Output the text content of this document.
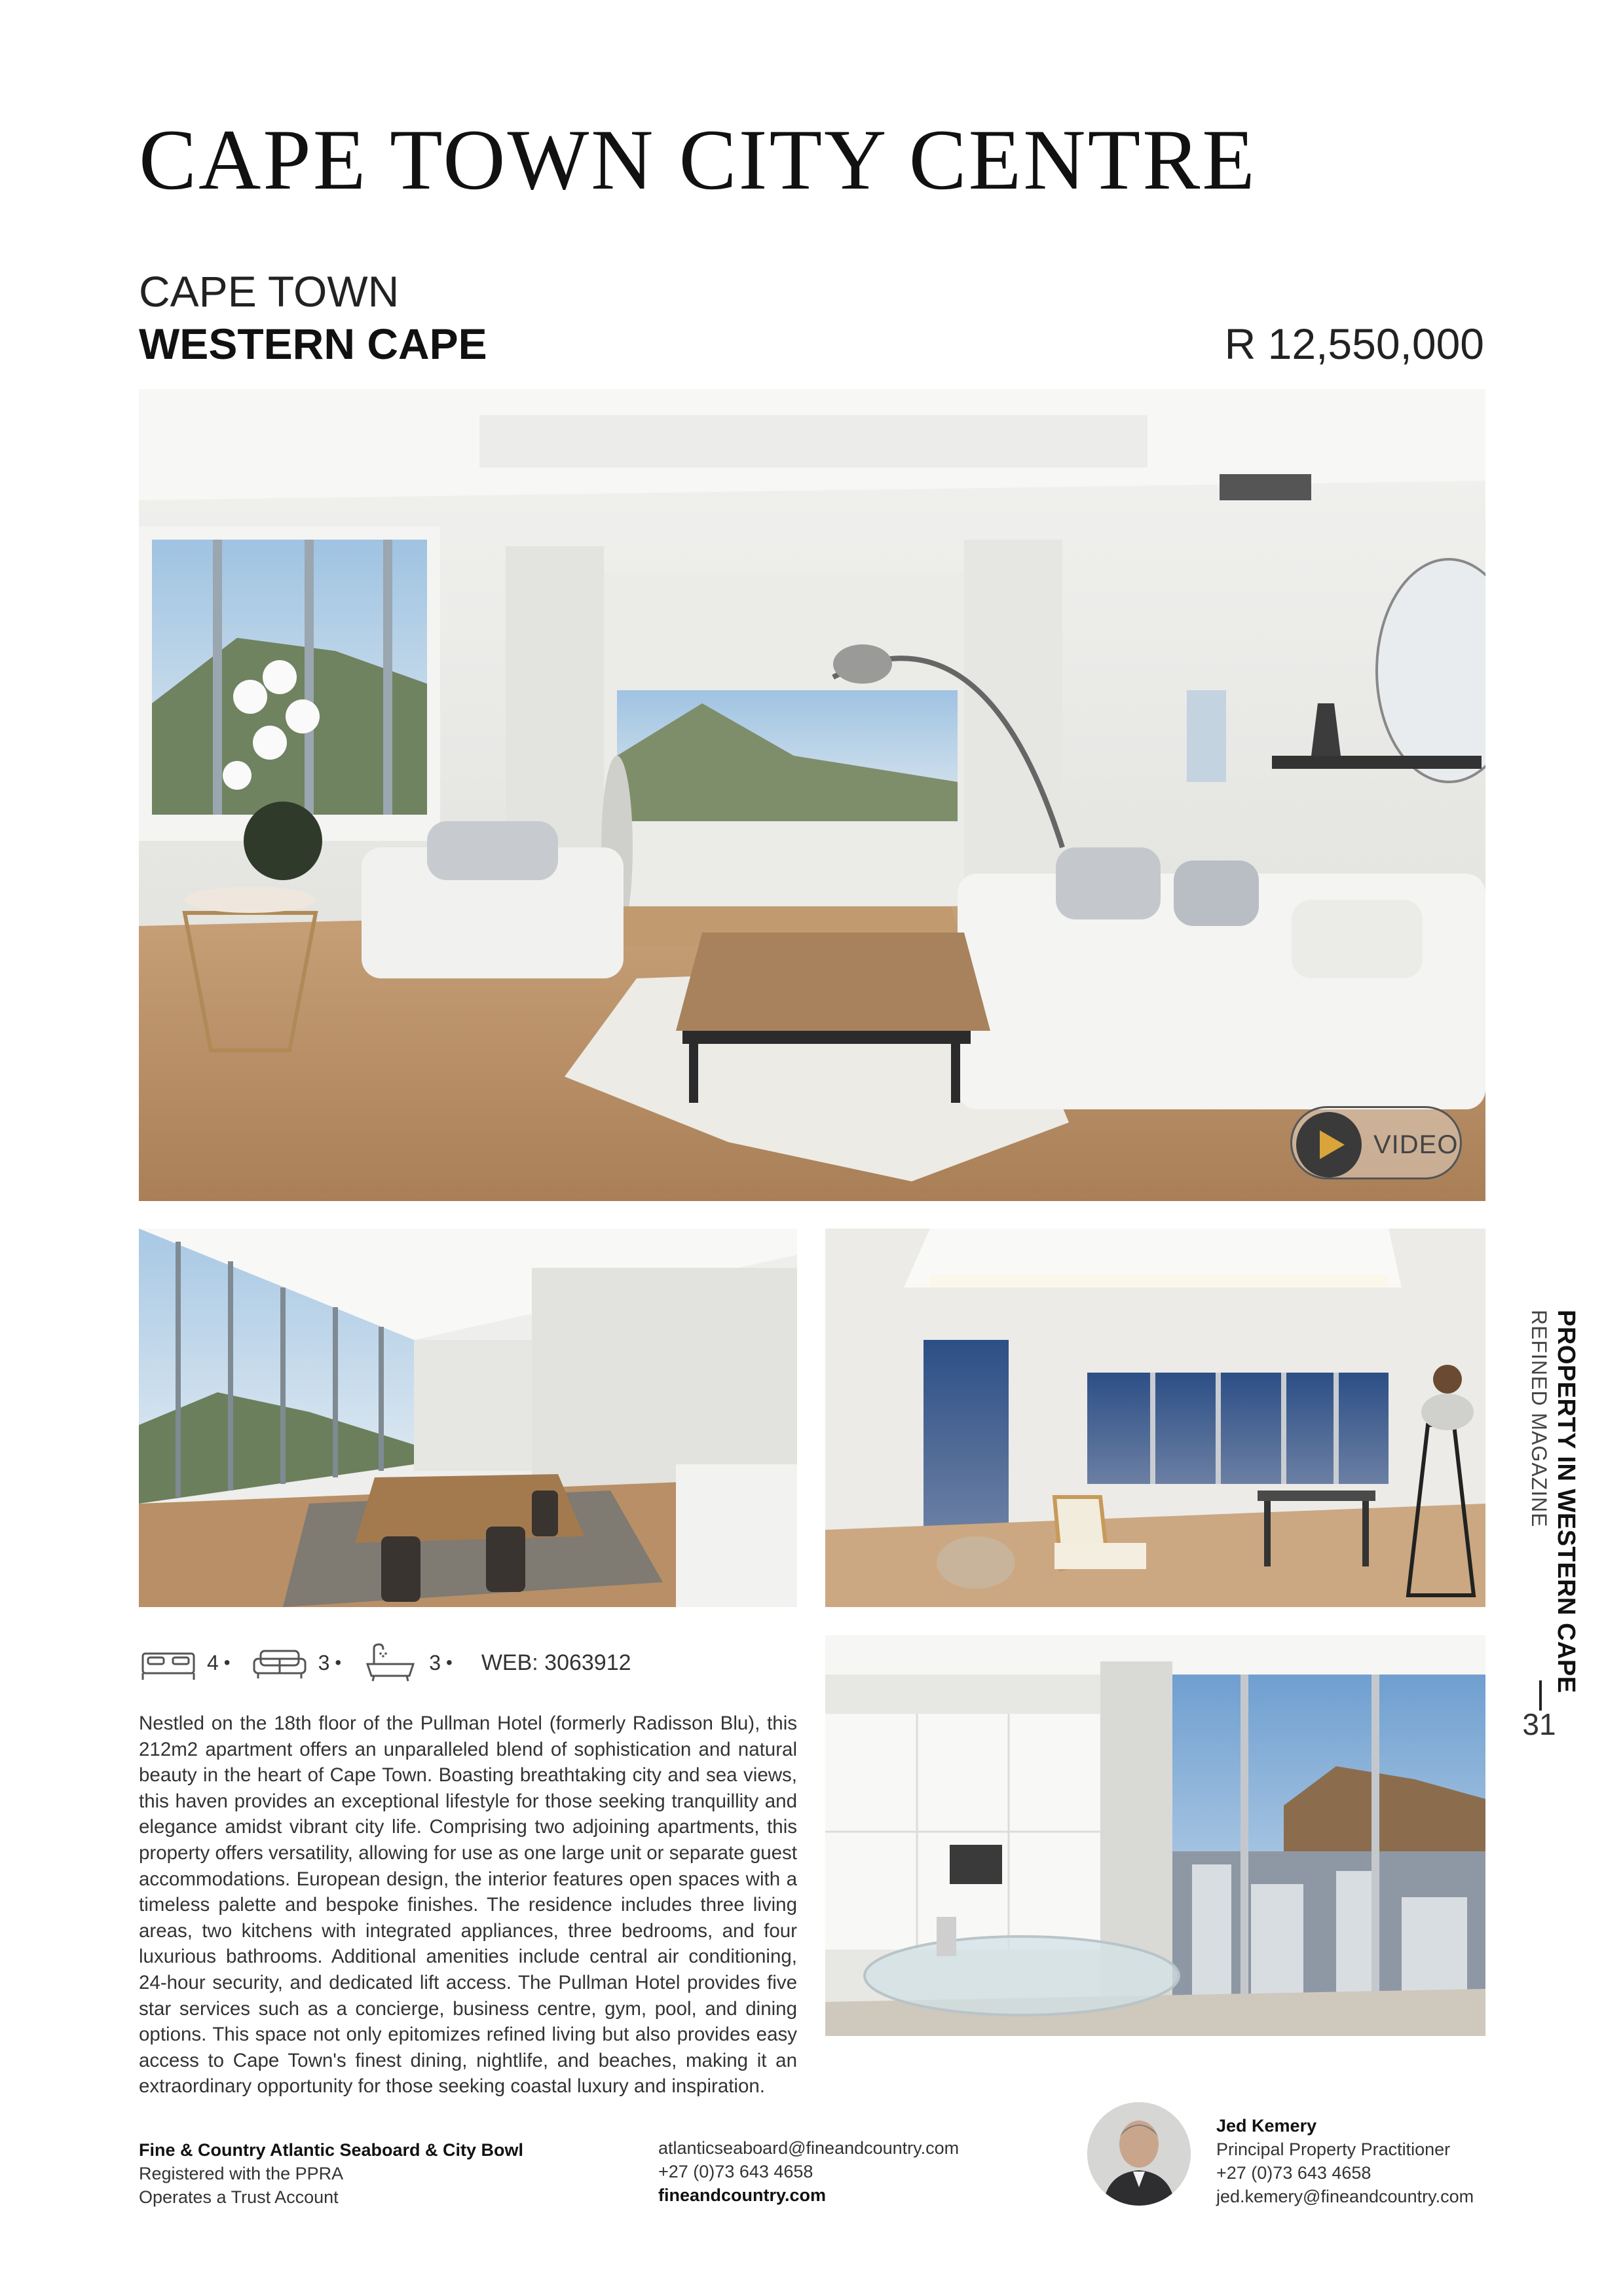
CAPE TOWN CITY CENTRE
CAPE TOWN
WESTERN CAPE	R 12,550,000
VIDEO
4 •	3 •	3 • WEB: 3063912
Nestled on the 18th floor of the Pullman Hotel (formerly Radisson Blu), this 212m2 apartment offers an unparalleled blend of sophistication and natural beauty in the heart of Cape Town. Boasting breathtaking city and sea views, this haven provides an exceptional lifestyle for those seeking tranquillity and elegance amidst vibrant city life. Comprising two adjoining apartments, this property offers versatility, allowing for use as one large unit or separate guest accommodations. European design, the interior features open spaces with a timeless palette and bespoke finishes. The residence includes three living areas, two kitchens with integrated appliances, three bedrooms, and four luxurious bathrooms. Additional amenities include central air conditioning, 24-hour security, and dedicated lift access. The Pullman Hotel provides five star services such as a concierge, business centre, gym, pool, and dining options. This space not only epitomizes refined living but also provides easy access to Cape Town's finest dining, nightlife, and beaches, making it an extraordinary opportunity for those seeking coastal luxury and inspiration.
PROPERTY IN WESTERN CAPE
REFINED MAGAZINE
31
Fine & Country Atlantic Seaboard & City Bowl
Registered with the PPRA
Operates a Trust Account
atlanticseaboard@fineandcountry.com
+27 (0)73 643 4658
fineandcountry.com
Jed Kemery
Principal Property Practitioner
+27 (0)73 643 4658
jed.kemery@fineandcountry.com
